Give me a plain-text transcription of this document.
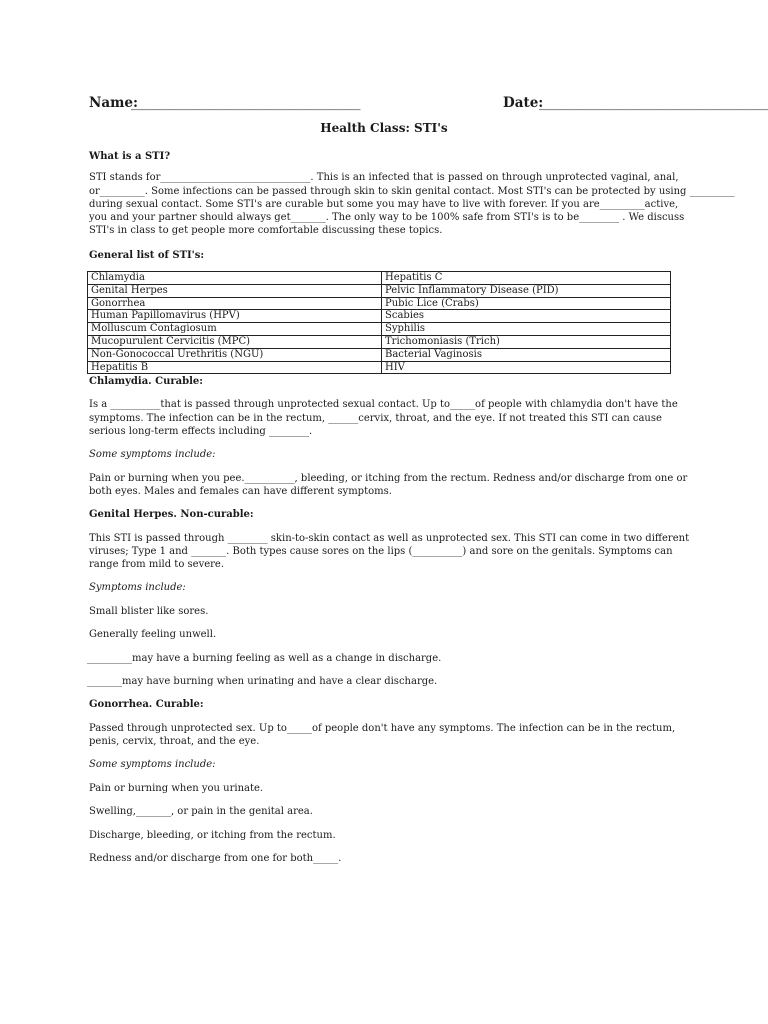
Name:
__________________________________	Date:
__________________________________
Health Class: STI's
What is a STI?
STI stands for______________________________. This is an infected that is passed on through unprotected vaginal, anal,
or_________. Some infections can be passed through skin to skin genital contact. Most STI's can be protected by using _________
during sexual contact. Some STI's are curable but some you may have to live with forever. If you are_________active,
you and your partner should always get_______. The only way to be 100% safe from STI's is to be________ . We discuss
STI's in class to get people more comfortable discussing these topics.
General list of STI's:
Chlamydia	Hepatitis C
Genital Herpes	Pelvic Inflammatory Disease (PID)
Gonorrhea	Pubic Lice (Crabs)
Human Papillomavirus (HPV)	Scabies
Molluscum Contagiosum	Syphilis
Mucopurulent Cervicitis (MPC)	Trichomoniasis (Trich)
Non-Gonococcal Urethritis (NGU)	Bacterial Vaginosis
Hepatitis B	HIV
Chlamydia. Curable:
Is a __________that is passed through unprotected sexual contact. Up to_____of people with chlamydia don't have the
symptoms. The infection can be in the rectum, ______cervix, throat, and the eye. If not treated this STI can cause
serious long-term effects including ________.
Some symptoms include:
Pain or burning when you pee.__________, bleeding, or itching from the rectum. Redness and/or discharge from one or
both eyes. Males and females can have different symptoms.
Genital Herpes. Non-curable:
This STI is passed through ________ skin-to-skin contact as well as unprotected sex. This STI can come in two different
viruses; Type 1 and _______. Both types cause sores on the lips (__________) and sore on the genitals. Symptoms can
range from mild to severe.
Symptoms include:
Small blister like sores.
Generally feeling unwell.
_________may have a burning feeling as well as a change in discharge.
_______may have burning when urinating and have a clear discharge.
Gonorrhea. Curable:
Passed through unprotected sex. Up to_____of people don't have any symptoms. The infection can be in the rectum,
penis, cervix, throat, and the eye.
Some symptoms include:
Pain or burning when you urinate.
Swelling,_______, or pain in the genital area.
Discharge, bleeding, or itching from the rectum.
Redness and/or discharge from one for both_____.
